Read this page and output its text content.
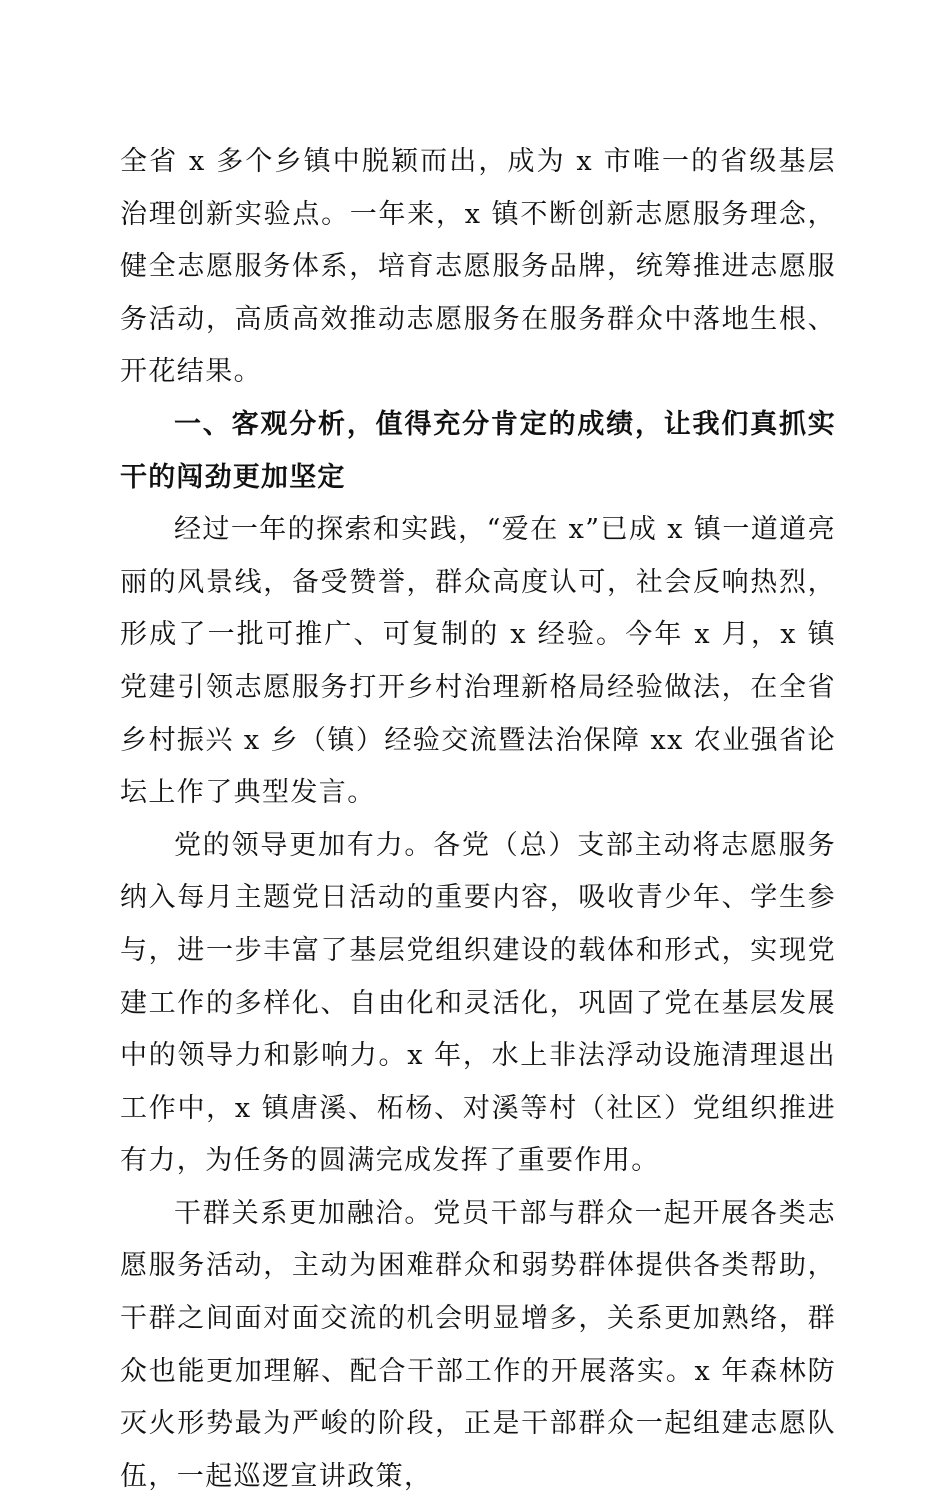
全省 x 多个乡镇中脱颖而出，成为 x 市唯一的省级基层治理创新实验点。一年来，x 镇不断创新志愿服务理念，健全志愿服务体系，培育志愿服务品牌，统筹推进志愿服务活动，高质高效推动志愿服务在服务群众中落地生根、开花结果。

一、客观分析，值得充分肯定的成绩，让我们真抓实干的闯劲更加坚定

经过一年的探索和实践，“爱在 x”已成 x 镇一道道亮丽的风景线，备受赞誉，群众高度认可，社会反响热烈，形成了一批可推广、可复制的 x 经验。今年 x 月，x 镇党建引领志愿服务打开乡村治理新格局经验做法，在全省乡村振兴 x 乡（镇）经验交流暨法治保障 xx 农业强省论坛上作了典型发言。

党的领导更加有力。各党（总）支部主动将志愿服务纳入每月主题党日活动的重要内容，吸收青少年、学生参与，进一步丰富了基层党组织建设的载体和形式，实现党建工作的多样化、自由化和灵活化，巩固了党在基层发展中的领导力和影响力。x 年，水上非法浮动设施清理退出工作中，x 镇唐溪、柘杨、对溪等村（社区）党组织推进有力，为任务的圆满完成发挥了重要作用。

干群关系更加融洽。党员干部与群众一起开展各类志愿服务活动，主动为困难群众和弱势群体提供各类帮助，干群之间面对面交流的机会明显增多，关系更加熟络，群众也能更加理解、配合干部工作的开展落实。x 年森林防灭火形势最为严峻的阶段，正是干部群众一起组建志愿队伍，一起巡逻宣讲政策，
